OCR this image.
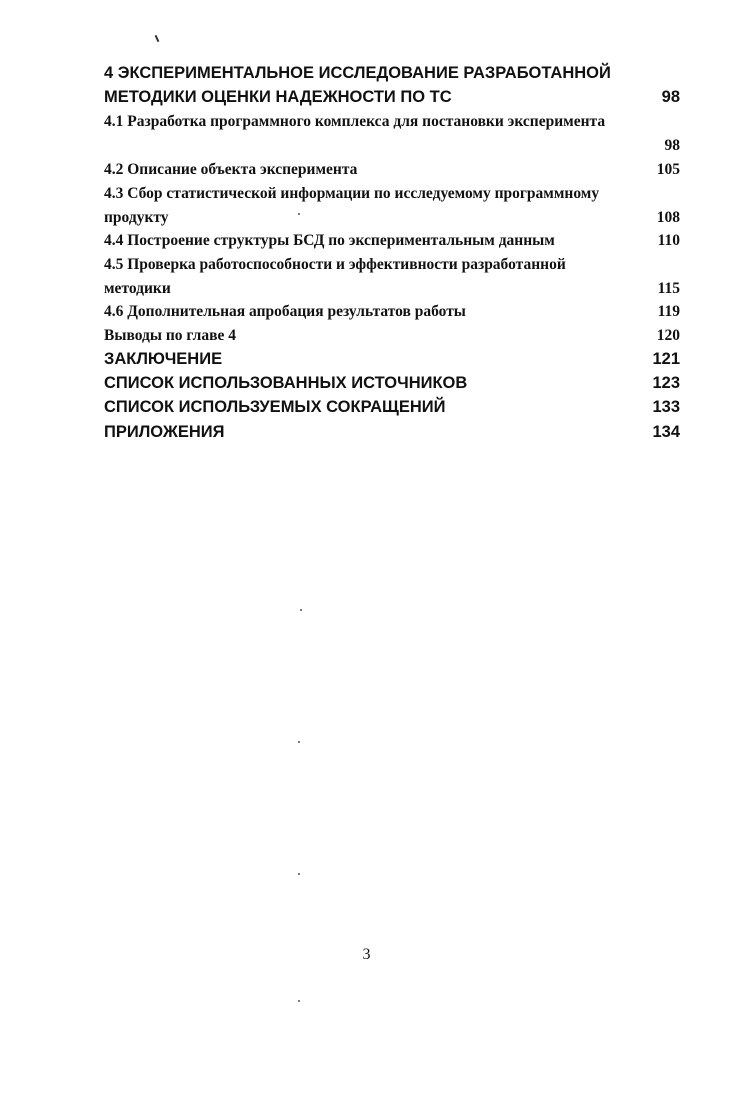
4 ЭКСПЕРИМЕНТАЛЬНОЕ ИССЛЕДОВАНИЕ РАЗРАБОТАННОЙ
МЕТОДИКИ ОЦЕНКИ НАДЕЖНОСТИ ПО ТС	98
4.1 Разработка программного комплекса для постановки эксперимента
98
4.2 Описание объекта эксперимента	105
4.3 Сбор статистической информации по исследуемому программному
продукту	108
4.4 Построение структуры БСД по экспериментальным данным	110
4.5 Проверка работоспособности и эффективности разработанной
методики	115
4.6 Дополнительная апробация результатов работы	119
Выводы по главе 4	120
ЗАКЛЮЧЕНИЕ	121
СПИСОК ИСПОЛЬЗОВАННЫХ ИСТОЧНИКОВ	123
СПИСОК ИСПОЛЬЗУЕМЫХ СОКРАЩЕНИЙ	133
ПРИЛОЖЕНИЯ	134
3
